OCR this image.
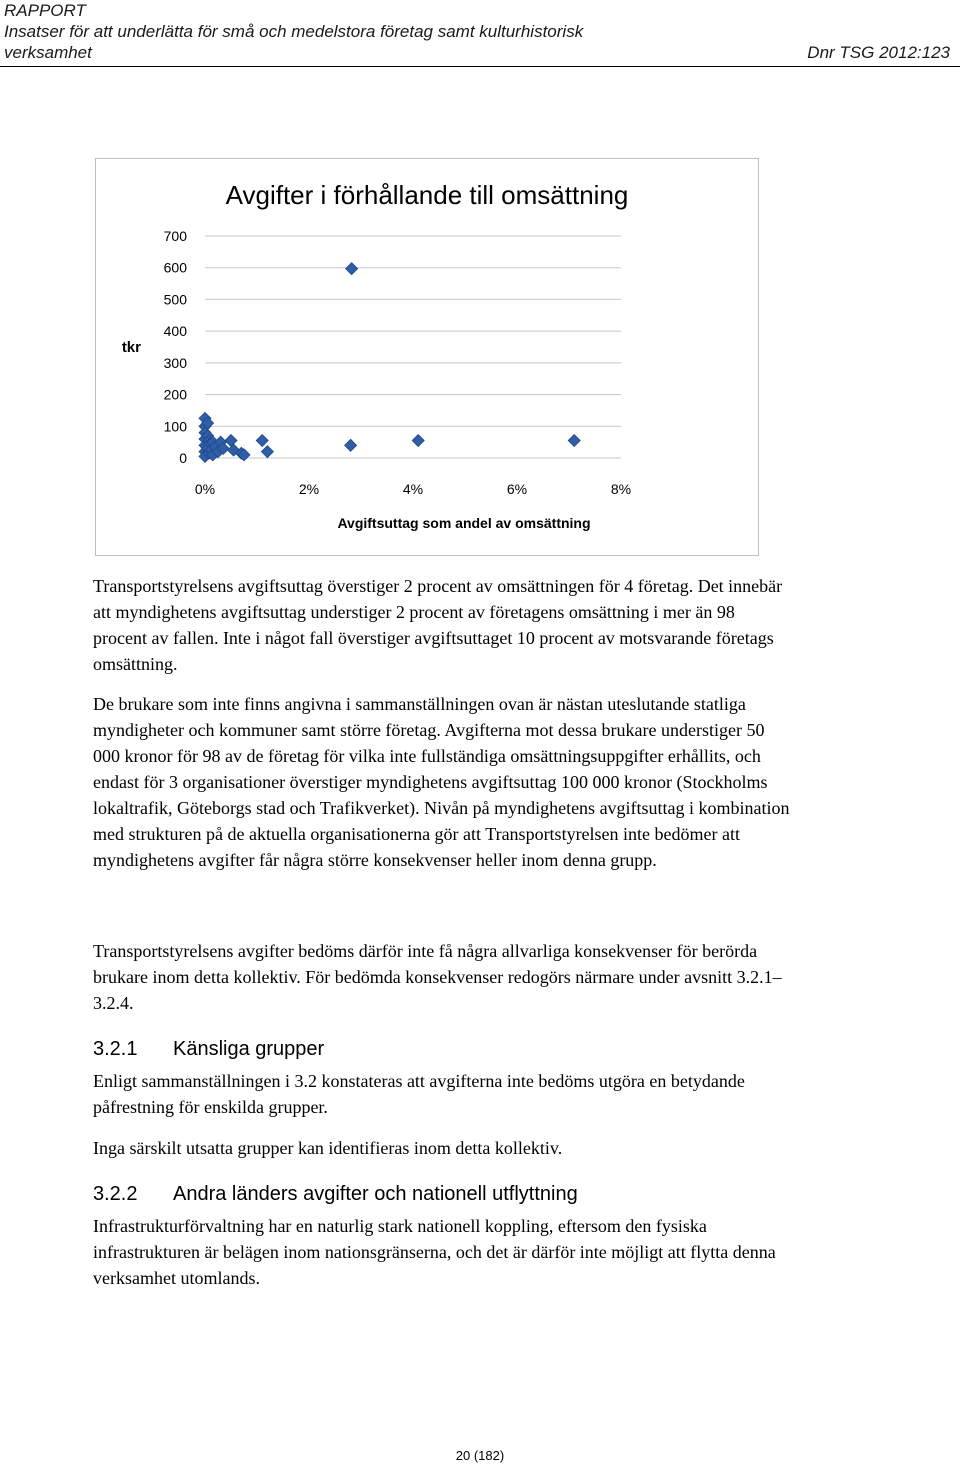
RAPPORT
Insatser för att underlätta för små och medelstora företag samt kulturhistorisk
verksamhet	Dnr TSG 2012:123
Avgifter i förhållande till omsättning
tkr
Avgiftsuttag som andel av omsättning
0
100
200
300
400
500
600
700
0%	2%	4%	6%	8%

Transportstyrelsens avgiftsuttag överstiger 2 procent av omsättningen för 4 företag. Det innebär att myndighetens avgiftsuttag understiger 2 procent av företagens omsättning i mer än 98 procent av fallen. Inte i något fall överstiger avgiftsuttaget 10 procent av motsvarande företags omsättning.

De brukare som inte finns angivna i sammanställningen ovan är nästan uteslutande statliga myndigheter och kommuner samt större företag. Avgifterna mot dessa brukare understiger 50 000 kronor för 98 av de företag för vilka inte fullständiga omsättningsuppgifter erhållits, och endast för 3 organisationer överstiger myndighetens avgiftsuttag 100 000 kronor (Stockholms lokaltrafik, Göteborgs stad och Trafikverket). Nivån på myndighetens avgiftsuttag i kombination med strukturen på de aktuella organisationerna gör att Transportstyrelsen inte bedömer att myndighetens avgifter får några större konsekvenser heller inom denna grupp.

Transportstyrelsens avgifter bedöms därför inte få några allvarliga konsekvenser för berörda brukare inom detta kollektiv. För bedömda konsekvenser redogörs närmare under avsnitt 3.2.1–3.2.4.

3.2.1 Känsliga grupper

Enligt sammanställningen i 3.2 konstateras att avgifterna inte bedöms utgöra en betydande påfrestning för enskilda grupper.

Inga särskilt utsatta grupper kan identifieras inom detta kollektiv.

3.2.2 Andra länders avgifter och nationell utflyttning

Infrastrukturförvaltning har en naturlig stark nationell koppling, eftersom den fysiska infrastrukturen är belägen inom nationsgränserna, och det är därför inte möjligt att flytta denna verksamhet utomlands.

20 (182)
